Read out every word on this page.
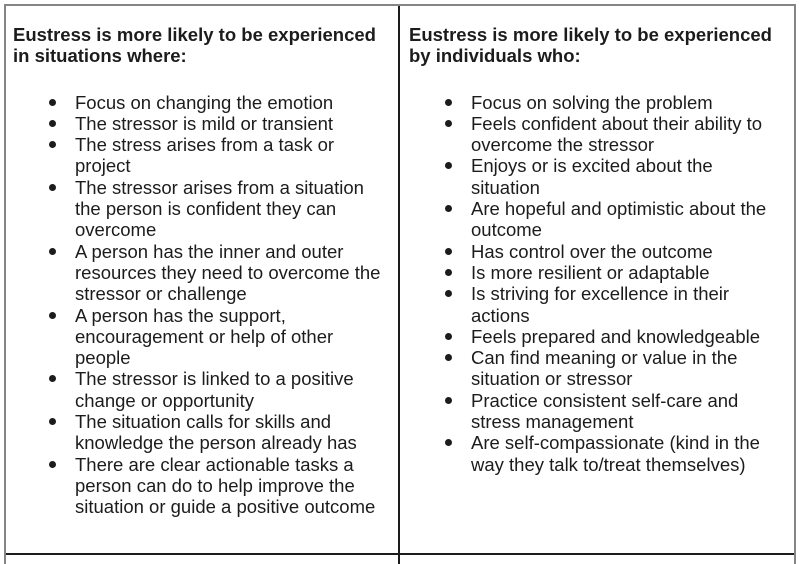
Eustress is more likely to be experienced in situations where:

Focus on changing the emotion
The stressor is mild or transient
The stress arises from a task or project
The stressor arises from a situation the person is confident they can overcome
A person has the inner and outer resources they need to overcome the stressor or challenge
A person has the support, encouragement or help of other people
The stressor is linked to a positive change or opportunity
The situation calls for skills and knowledge the person already has
There are clear actionable tasks a person can do to help improve the situation or guide a positive outcome

Eustress is more likely to be experienced by individuals who:

Focus on solving the problem
Feels confident about their ability to overcome the stressor
Enjoys or is excited about the situation
Are hopeful and optimistic about the outcome
Has control over the outcome
Is more resilient or adaptable
Is striving for excellence in their actions
Feels prepared and knowledgeable
Can find meaning or value in the situation or stressor
Practice consistent self-care and stress management
Are self-compassionate (kind in the way they talk to/treat themselves)
